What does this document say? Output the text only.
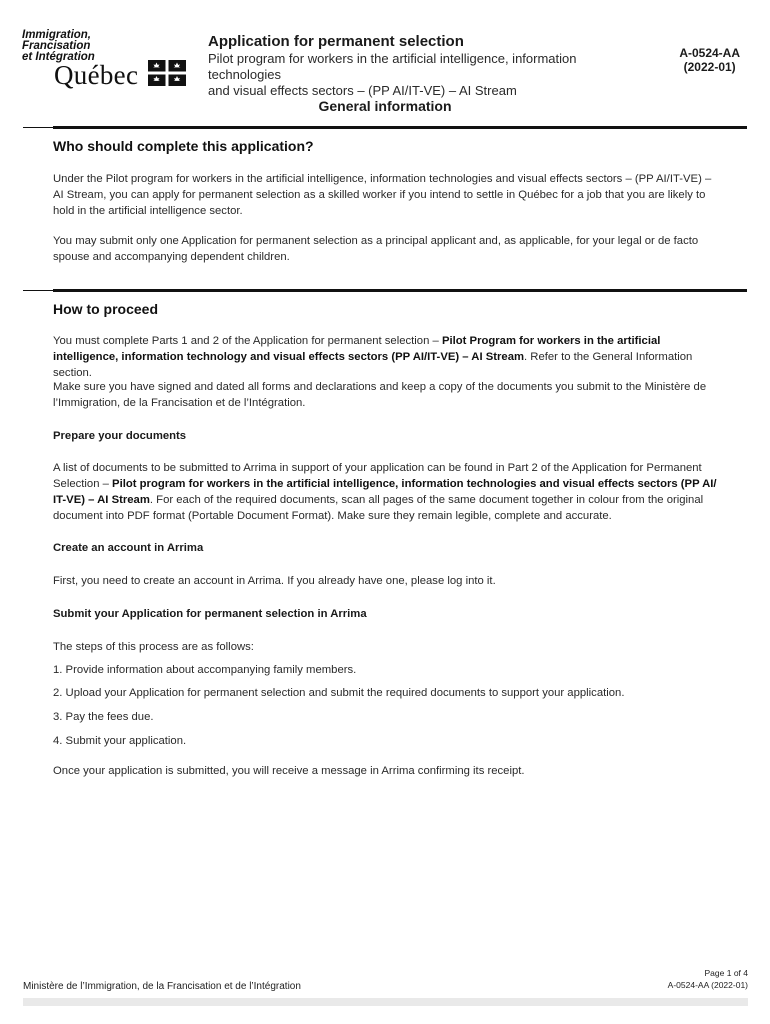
Immigration,
Francisation
et Intégration
Québec
Application for permanent selection
Pilot program for workers in the artificial intelligence, information technologies
and visual effects sectors – (PP AI/IT-VE) – AI Stream
A-0524-AA
(2022-01)
General information
Who should complete this application?
Under the Pilot program for workers in the artificial intelligence, information technologies and visual effects sectors – (PP AI/IT-VE) – AI Stream, you can apply for permanent selection as a skilled worker if you intend to settle in Québec for a job that you are likely to hold in the artificial intelligence sector.
You may submit only one Application for permanent selection as a principal applicant and, as applicable, for your legal or de facto spouse and accompanying dependent children.
How to proceed
You must complete Parts 1 and 2 of the Application for permanent selection – Pilot Program for workers in the artificial intelligence, information technology and visual effects sectors (PP AI/IT-VE) – AI Stream. Refer to the General Information section.
Make sure you have signed and dated all forms and declarations and keep a copy of the documents you submit to the Ministère de l’Immigration, de la Francisation et de l’Intégration.
Prepare your documents
A list of documents to be submitted to Arrima in support of your application can be found in Part 2 of the Application for Permanent Selection – Pilot program for workers in the artificial intelligence, information technologies and visual effects sectors (PP AI/ IT-VE) – AI Stream. For each of the required documents, scan all pages of the same document together in colour from the original document into PDF format (Portable Document Format). Make sure they remain legible, complete and accurate.
Create an account in Arrima
First, you need to create an account in Arrima. If you already have one, please log into it.
Submit your Application for permanent selection in Arrima
The steps of this process are as follows:
1. Provide information about accompanying family members.
2. Upload your Application for permanent selection and submit the required documents to support your application.
3. Pay the fees due.
4. Submit your application.
Once your application is submitted, you will receive a message in Arrima confirming its receipt.
Ministère de l’Immigration, de la Francisation et de l’Intégration
Page 1 of 4
A-0524-AA (2022-01)
